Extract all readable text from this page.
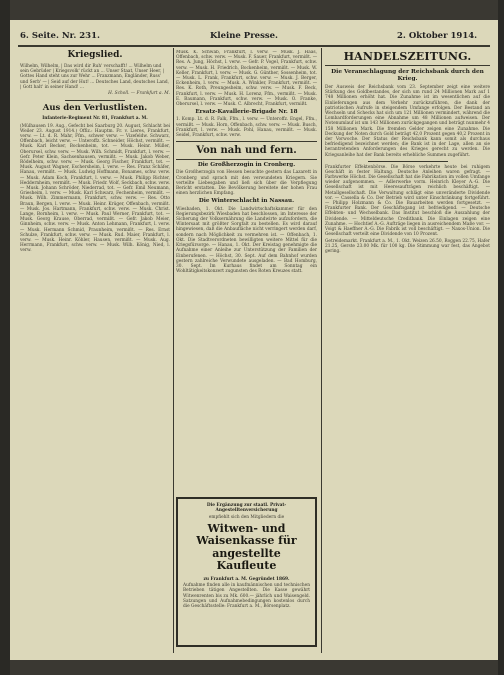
6. Seite. Nr. 231.	Kleine Presse.	2. Oktober 1914.
Kriegslied.

Wilhelm, Wilhelm, | Das wird dir Ruh' verschafft! ... Wilhelm und sein Gebrüder | Kriegsvolk' rückt an ... Unser Staat, Unser Heer, | Gottes Hand steht uns zur Wehr ... Franzmann, Engländer, Russ' und Serb' — | Seid auf der Hut! ... Deutsches Land, deutsches Land, | Gott halt' in seiner Hand! ...

H. Scholl. — Frankfurt a. M.

Aus den Verlustlisten.
Infanterie-Regiment Nr. 81, Frankfurt a. M.

(Mülhausen 19. Aug., Gefecht bei Saarburg 20. August, Schlacht bei Weiler 23. August 1914.) Offiz.: Hauptm. Fr. v. Lieres, Frankfurt, verw. — Lt. d. R. Mahr, Ffm., schwer verw. — Vizefeldw. Schwarz, Offenbach, leicht verw. — Unteroffz. Schneider, Höchst, vermißt. — Musk. Karl Becker, Bockenheim, tot. — Musk. Heinr. Müller, Oberursel, schw. verw. — Musk. Wilh. Schmidt, Frankfurt, l. verw. — Gefr. Peter Klein, Sachsenhausen, vermißt. — Musk. Jakob Weber, Rödelheim, schw. verw. — Musk. Georg Fischer, Frankfurt, tot. — Musk. August Wagner, Eschersheim, l. verw. — Res. Franz Schäfer, Hanau, vermißt. — Musk. Ludwig Hoffmann, Bonames, schw. verw. — Musk. Adam Koch, Frankfurt, l. verw. — Musk. Philipp Richter, Heddernheim, vermißt. — Musk. Friedr. Wolf, Seckbach, schw. verw. — Musk. Johann Schröder, Niederrad, tot. — Gefr. Emil Neumann, Griesheim, l. verw. — Musk. Karl Schwarz, Fechenheim, vermißt. — Musk. Wilh. Zimmermann, Frankfurt, schw. verw. — Res. Otto Braun, Bergen, l. verw. — Musk. Heinr. Krüger, Offenbach, vermißt. — Musk. Jos. Hartmann, Frankfurt, schw. verw. — Musk. Christ. Lange, Bornheim, l. verw. — Musk. Paul Werner, Frankfurt, tot. — Musk. Georg Krause, Oberrad, vermißt. — Gefr. Jakob Meier, Ginnheim, schw. verw. — Musk. Anton Lehmann, Frankfurt, l. verw. — Musk. Hermann Schmid, Praunheim, vermißt. — Res. Ernst Schulze, Frankfurt, schw. verw. — Musk. Rud. Maier, Frankfurt, l. verw. — Musk. Heinr. Köhler, Hausen, vermißt. — Musk. Aug. Herrmann, Frankfurt, schw. verw. — Musk. Wilh. König, Nied, l. verw.

Musk. K. Schwab, Frankfurt, l. verw. — Musk. J. Haas, Offenbach, schw. verw. — Musk. F. Sauer, Frankfurt, vermißt. — Res. A. Jung, Höchst, l. verw. — Gefr. P. Vogel, Frankfurt, schw. verw. — Musk. H. Friedrich, Bockenheim, vermißt. — Musk. W. Keller, Frankfurt, l. verw. — Musk. G. Günther, Sossenheim, tot. — Musk. L. Frank, Frankfurt, schw. verw. — Musk. J. Berger, Eckenheim, l. verw. — Musk. A. Winkler, Frankfurt, vermißt. — Res. K. Roth, Preungesheim, schw. verw. — Musk. F. Beck, Frankfurt, l. verw. — Musk. H. Lorenz, Ffm., vermißt. — Musk. E. Baumann, Frankfurt, schw. verw. — Musk. O. Franke, Oberursel, l. verw. — Musk. C. Albrecht, Frankfurt, vermißt.

Ersatz-Kavallerie-Brigade Nr. 18

1. Komp. Lt. d. R. Falk, Ffm., l. verw. — Unteroffz. Engel, Ffm., vermißt. — Musk. Horn, Offenbach, schw. verw. — Musk. Busch, Frankfurt, l. verw. — Musk. Pohl, Hanau, vermißt. — Musk. Seidel, Frankfurt, schw. verw.

Von nah und fern.
Die Großherzogin in Cronberg.

Die Großherzogin von Hessen besuchte gestern das Lazarett in Cronberg und sprach mit den verwundeten Kriegern. Sie verteilte Liebesgaben und ließ sich über die Verpflegung Bericht erstatten. Die Bevölkerung bereitete der hohen Frau einen herzlichen Empfang.

Die Winterschlacht in Nassau.

Wiesbaden, 1. Okt. Die Landwirtschaftskammer für den Regierungsbezirk Wiesbaden hat beschlossen, im Interesse der Sicherung der Volksernährung die Landwirte aufzufordern, die Wintersaat mit größter Sorgfalt zu bestellen. Es wird darauf hingewiesen, daß die Anbaufläche nicht verringert werden darf, sondern nach Möglichkeit zu vermehren ist. — Offenbach, 1. Okt. Die Stadtverordneten bewilligten weitere Mittel für die Kriegsfürsorge. — Hanau, 1. Okt. Der Kreistag genehmigte die Aufnahme einer Anleihe zur Unterstützung der Familien der Einberufenen. — Höchst, 30. Sept. Auf dem Bahnhof wurden gestern zahlreiche Verwundete ausgeladen. — Bad Homburg, 30. Sept. Im Kurhaus findet am Sonntag ein Wohltätigkeitskonzert zugunsten des Roten Kreuzes statt.

Die Ergänzung zur staatl. Privat-Angestelltenversicherung

empfiehlt sich den Mitgliedern die

Witwen- und Waisenkasse für angestellte Kaufleute

zu Frankfurt a. M. Gegründet 1869.

Aufnahme finden alle in kaufmännischen und technischen Betrieben tätigen Angestellten. Die Kasse gewährt Witwenrenten bis zu Mk. 600.— jährlich und Waisengeld. Satzungen und Aufnahmebedingungen kostenlos durch die Geschäftsstelle: Frankfurt a. M., Börsenplatz.

HANDELSZEITUNG.
Die Veranschlagung der Reichsbank durch den Krieg.

Der Ausweis der Reichsbank vom 23. September zeigt eine weitere Stärkung des Goldbestandes, der sich um rund 24 Millionen Mark auf 1 748 Millionen erhöht hat. Die Zunahme ist im wesentlichen auf die Einlieferungen aus dem Verkehr zurückzuführen, die dank der patriotischen Aufrufe in steigendem Umfange erfolgen. Der Bestand an Wechseln und Schecks hat sich um 121 Millionen vermindert, während die Lombardforderungen eine Abnahme um 48 Millionen aufweisen. Der Notenumlauf ist um 143 Millionen zurückgegangen und beträgt nunmehr 4 158 Millionen Mark. Die fremden Gelder zeigen eine Zunahme. Die Deckung der Noten durch Gold beträgt 42,0 Prozent gegen 40,2 Prozent in der Vorwoche. Der Status der Reichsbank kann somit als durchaus befriedigend bezeichnet werden; die Bank ist in der Lage, allen an sie herantretenden Anforderungen des Krieges gerecht zu werden. Die Kriegsanleihe hat der Bank bereits erhebliche Summen zugeführt.

Frankfurter Effektenbörse. Die Börse verkehrte heute bei ruhigem Geschäft in fester Haltung. Deutsche Anleihen waren gefragt. — Farbwerke Höchst. Die Gesellschaft hat die Fabrikation im vollen Umfange wieder aufgenommen. — Adlerwerke vorm. Heinrich Kleyer A.-G. Die Gesellschaft ist mit Heeresaufträgen reichlich beschäftigt. — Metallgesellschaft. Die Verwaltung schlägt eine unveränderte Dividende vor. — Cassella & Co. Der Betrieb wird unter Einschränkung fortgeführt. — Philipp Holzmann & Co. Die Bauarbeiten werden fortgesetzt. — Frankfurter Bank. Der Geschäftsgang ist befriedigend. — Deutsche Effekten- und Wechselbank. Das Institut beschloß die Auszahlung der Dividende. — Mitteldeutsche Creditbank. Die Einlagen zeigen eine Zunahme. — Hochtief A.-G. Aufträge liegen in ausreichendem Maße vor. — Voigt & Haeffner A.-G. Die Fabrik ist voll beschäftigt. — Naxos-Union. Die Gesellschaft verteilt eine Dividende von 10 Prozent.

Getreidemarkt. Frankfurt a. M., 1. Okt. Weizen 26.50, Roggen 22.75, Hafer 21.25, Gerste 23.00 Mk. für 100 kg. Die Stimmung war fest, das Angebot gering.
